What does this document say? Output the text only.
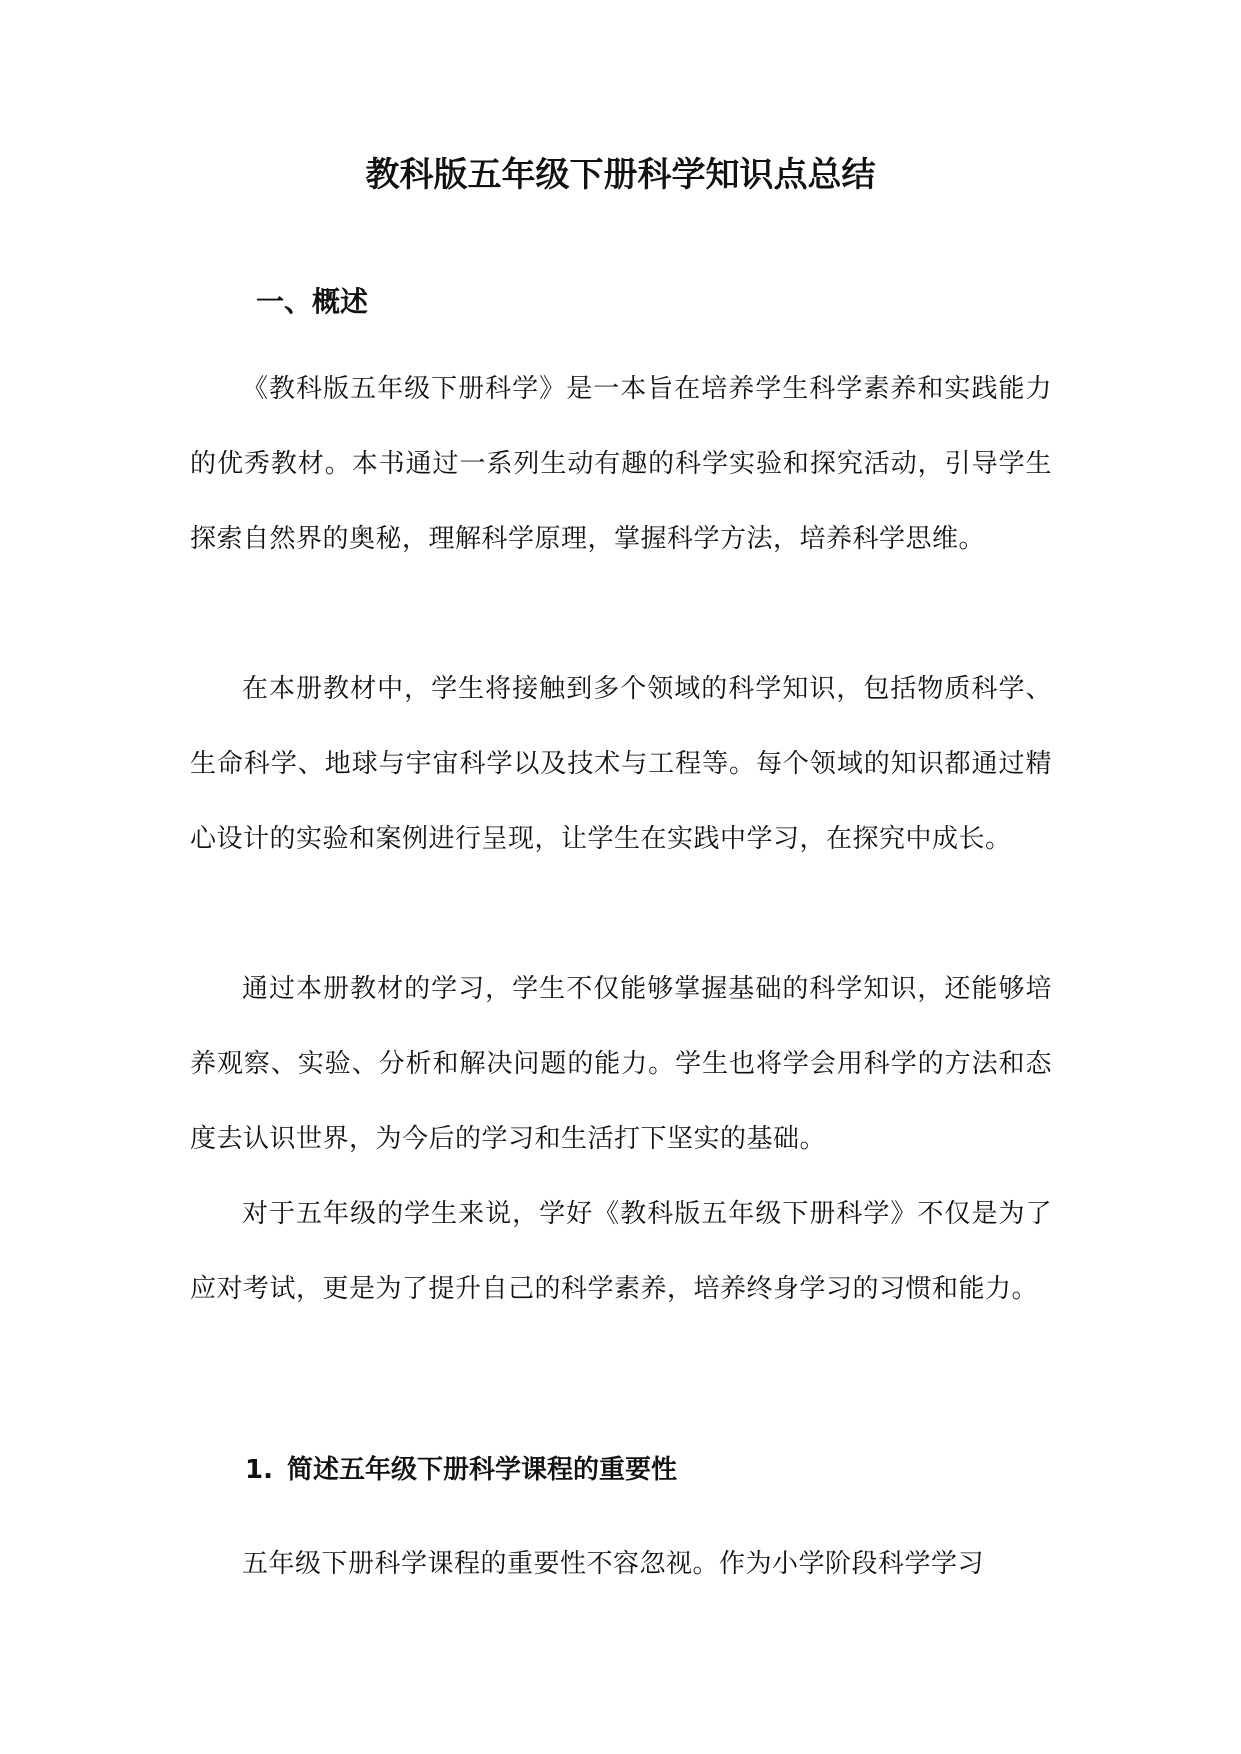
教科版五年级下册科学知识点总结
一、概述

《教科版五年级下册科学》是一本旨在培养学生科学素养和实践能力的优秀教材。本书通过一系列生动有趣的科学实验和探究活动，引导学生探索自然界的奥秘，理解科学原理，掌握科学方法，培养科学思维。

在本册教材中，学生将接触到多个领域的科学知识，包括物质科学、生命科学、地球与宇宙科学以及技术与工程等。每个领域的知识都通过精心设计的实验和案例进行呈现，让学生在实践中学习，在探究中成长。

通过本册教材的学习，学生不仅能够掌握基础的科学知识，还能够培养观察、实验、分析和解决问题的能力。学生也将学会用科学的方法和态度去认识世界，为今后的学习和生活打下坚实的基础。

对于五年级的学生来说，学好《教科版五年级下册科学》不仅是为了应对考试，更是为了提升自己的科学素养，培养终身学习的习惯和能力。

1. 简述五年级下册科学课程的重要性

五年级下册科学课程的重要性不容忽视。作为小学阶段科学学习
